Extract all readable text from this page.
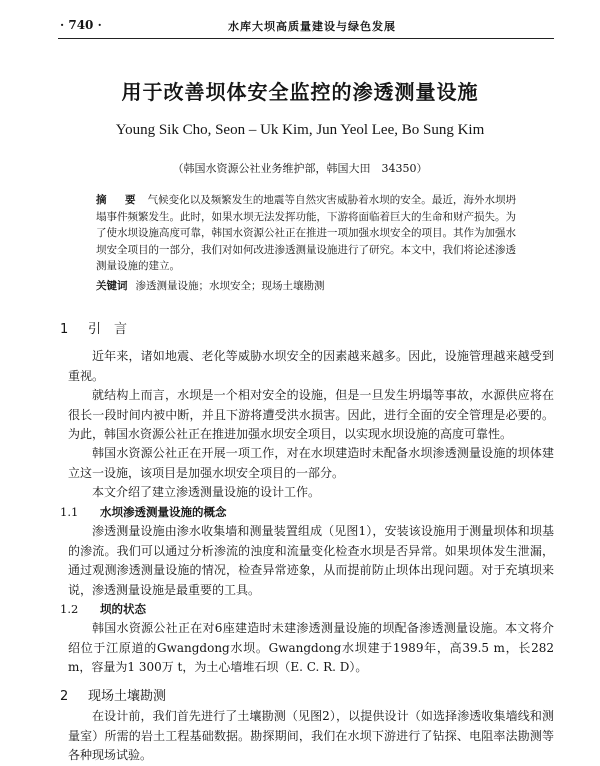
· 740 ·	水库大坝高质量建设与绿色发展
用于改善坝体安全监控的渗透测量设施
Young Sik Cho, Seon – Uk Kim, Jun Yeol Lee, Bo Sung Kim
（韩国水资源公社业务维护部，韩国大田　34350）

摘　要 气候变化以及频繁发生的地震等自然灾害威胁着水坝的安全。最近，海外水坝坍塌事件频繁发生。此时，如果水坝无法发挥功能，下游将面临着巨大的生命和财产损失。为了使水坝设施高度可靠，韩国水资源公社正在推进一项加强水坝安全的项目。其作为加强水坝安全项目的一部分，我们对如何改进渗透测量设施进行了研究。本文中，我们将论述渗透测量设施的建立。

关键词 渗透测量设施；水坝安全；现场土壤勘测

1 引　言

近年来，诸如地震、老化等威胁水坝安全的因素越来越多。因此，设施管理越来越受到重视。

就结构上而言，水坝是一个相对安全的设施，但是一旦发生坍塌等事故，水源供应将在很长一段时间内被中断，并且下游将遭受洪水损害。因此，进行全面的安全管理是必要的。为此，韩国水资源公社正在推进加强水坝安全项目，以实现水坝设施的高度可靠性。

韩国水资源公社正在开展一项工作，对在水坝建造时未配备水坝渗透测量设施的坝体建立这一设施，该项目是加强水坝安全项目的一部分。

本文介绍了建立渗透测量设施的设计工作。

1.1 水坝渗透测量设施的概念

渗透测量设施由渗水收集墙和测量装置组成（见图1），安装该设施用于测量坝体和坝基的渗流。我们可以通过分析渗流的浊度和流量变化检查水坝是否异常。如果坝体发生泄漏，通过观测渗透测量设施的情况，检查异常迹象，从而提前防止坝体出现问题。对于充填坝来说，渗透测量设施是最重要的工具。

1.2 坝的状态

韩国水资源公社正在对6座建造时未建渗透测量设施的坝配备渗透测量设施。本文将介绍位于江原道的Gwangdong水坝。Gwangdong水坝建于1989年，高39.5 m，长282 m，容量为1 300万 t，为土心墙堆石坝（E. C. R. D）。

2 现场土壤勘测

在设计前，我们首先进行了土壤勘测（见图2），以提供设计（如选择渗透收集墙线和测量室）所需的岩土工程基础数据。勘探期间，我们在水坝下游进行了钻探、电阻率法勘测等各种现场试验。
